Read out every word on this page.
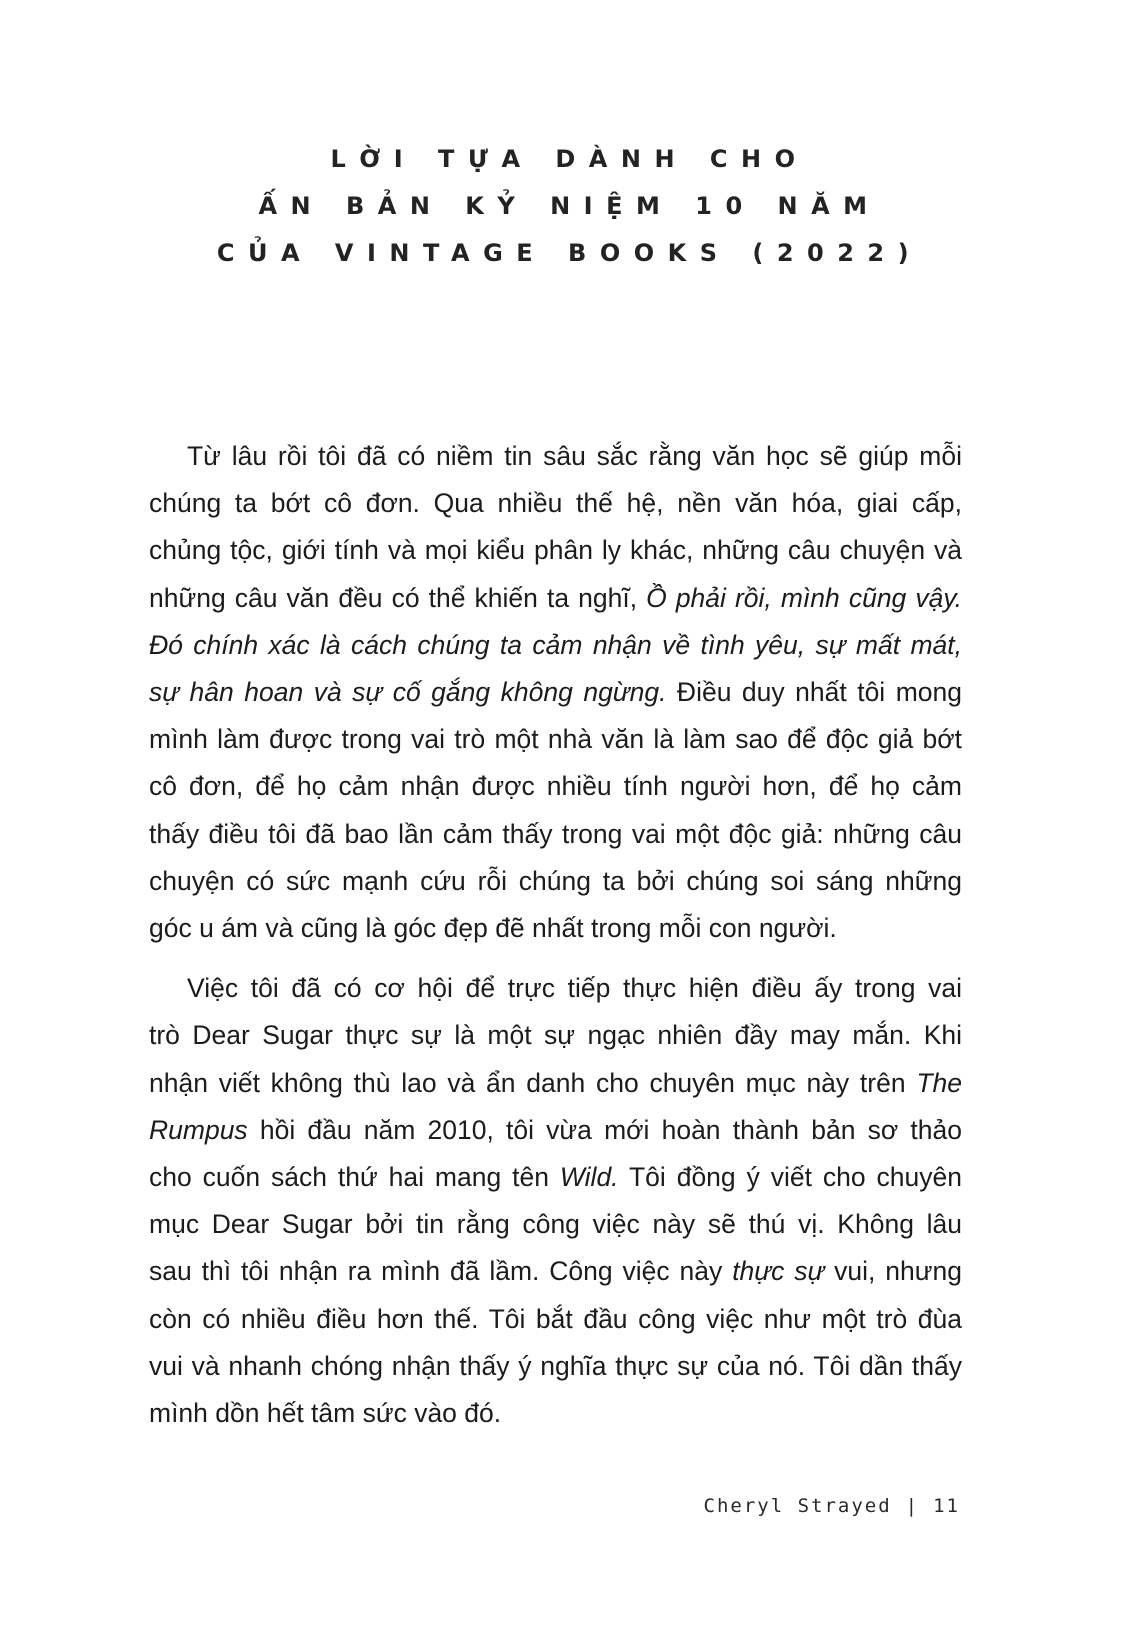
LỜI TỰA DÀNH CHO
ẤN BẢN KỶ NIỆM 10 NĂM
CỦA VINTAGE BOOKS (2022)
Từ lâu rồi tôi đã có niềm tin sâu sắc rằng văn học sẽ giúp mỗi
chúng ta bớt cô đơn. Qua nhiều thế hệ, nền văn hóa, giai cấp,
chủng tộc, giới tính và mọi kiểu phân ly khác, những câu chuyện và
những câu văn đều có thể khiến ta nghĩ, Ồ phải rồi, mình cũng vậy.
Đó chính xác là cách chúng ta cảm nhận về tình yêu, sự mất mát,
sự hân hoan và sự cố gắng không ngừng. Điều duy nhất tôi mong
mình làm được trong vai trò một nhà văn là làm sao để độc giả bớt
cô đơn, để họ cảm nhận được nhiều tính người hơn, để họ cảm
thấy điều tôi đã bao lần cảm thấy trong vai một độc giả: những câu
chuyện có sức mạnh cứu rỗi chúng ta bởi chúng soi sáng những
góc u ám và cũng là góc đẹp đẽ nhất trong mỗi con người.
Việc tôi đã có cơ hội để trực tiếp thực hiện điều ấy trong vai
trò Dear Sugar thực sự là một sự ngạc nhiên đầy may mắn. Khi
nhận viết không thù lao và ẩn danh cho chuyên mục này trên The
Rumpus hồi đầu năm 2010, tôi vừa mới hoàn thành bản sơ thảo
cho cuốn sách thứ hai mang tên Wild. Tôi đồng ý viết cho chuyên
mục Dear Sugar bởi tin rằng công việc này sẽ thú vị. Không lâu
sau thì tôi nhận ra mình đã lầm. Công việc này thực sự vui, nhưng
còn có nhiều điều hơn thế. Tôi bắt đầu công việc như một trò đùa
vui và nhanh chóng nhận thấy ý nghĩa thực sự của nó. Tôi dần thấy
mình dồn hết tâm sức vào đó.
Cheryl Strayed | 11
